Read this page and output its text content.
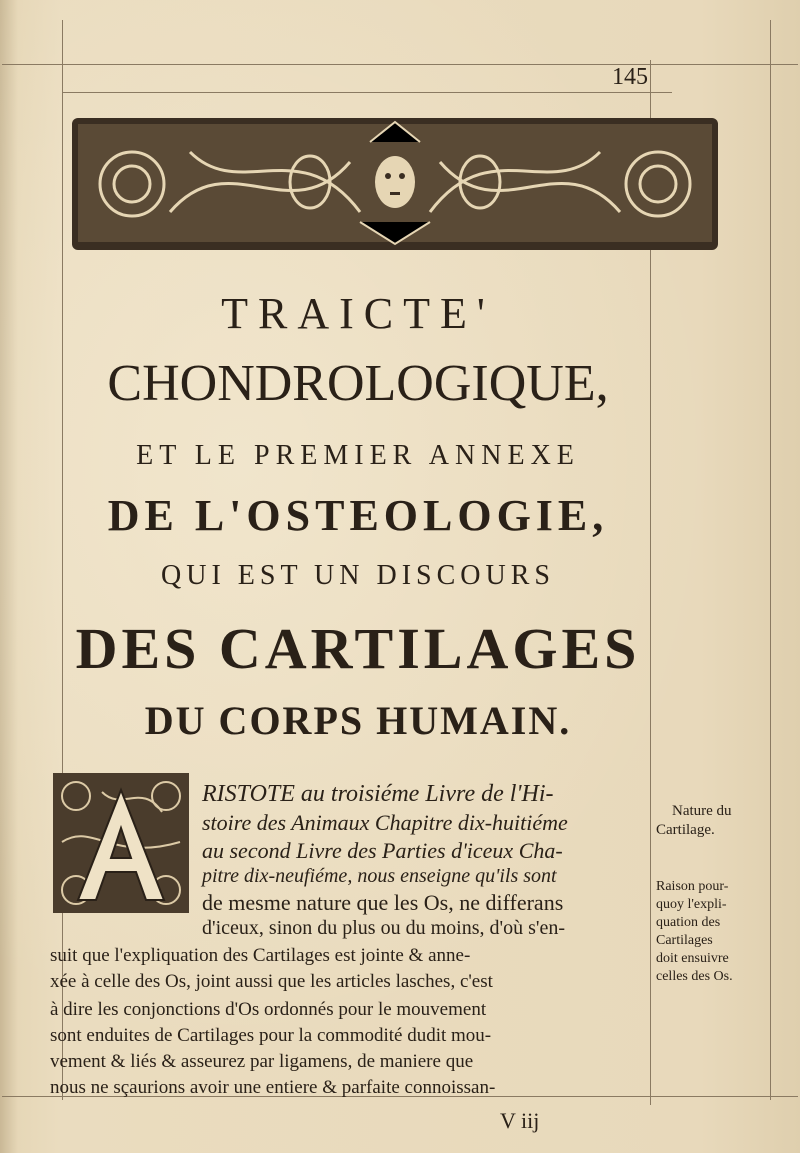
145
TRAICTE'
CHONDROLOGIQUE,
ET LE PREMIER ANNEXE
DE L'OSTEOLOGIE,
QUI EST UN DISCOURS
DES CARTILAGES
DU CORPS HUMAIN.
RISTOTE au troisiéme Livre de l'Hi-
stoire des Animaux Chapitre dix-huitiéme
au second Livre des Parties d'iceux Cha-
pitre dix-neufiéme, nous enseigne qu'ils sont
de mesme nature que les Os, ne differans
d'iceux, sinon du plus ou du moins, d'où s'en-
suit que l'expliquation des Cartilages est jointe & anne-
xée à celle des Os, joint aussi que les articles lasches, c'est
à dire les conjonctions d'Os ordonnés pour le mouvement
sont enduites de Cartilages pour la commodité dudit mou-
vement & liés & asseurez par ligamens, de maniere que
nous ne sçaurions avoir une entiere & parfaite connoissan-
Nature du
Cartilage.
Raison pour-
quoy l'expli-
quation des
Cartilages
doit ensuivre
celles des Os.
V iij
